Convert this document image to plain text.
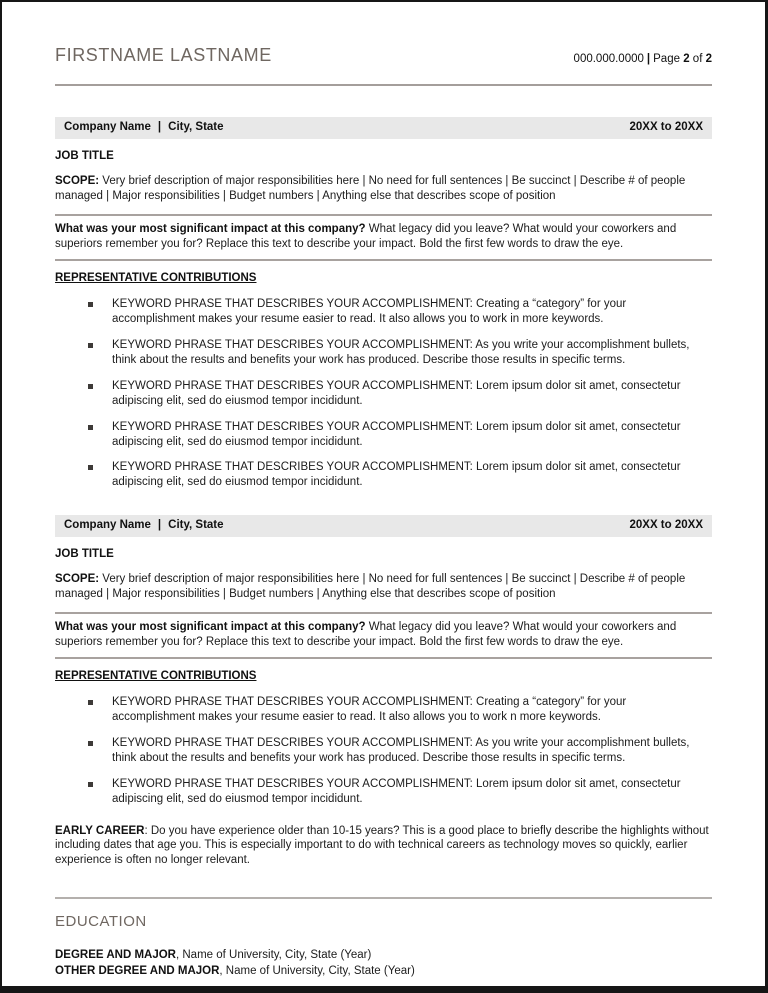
FIRSTNAME LASTNAME	000.000.0000 | Page 2 of 2
Company Name | City, State	20XX to 20XX
JOB TITLE

SCOPE: Very brief description of major responsibilities here | No need for full sentences | Be succinct | Describe # of people managed | Major responsibilities | Budget numbers | Anything else that describes scope of position

What was your most significant impact at this company? What legacy did you leave? What would your coworkers and superiors remember you for? Replace this text to describe your impact. Bold the first few words to draw the eye.

REPRESENTATIVE CONTRIBUTIONS
KEYWORD PHRASE THAT DESCRIBES YOUR ACCOMPLISHMENT: Creating a “category” for your accomplishment makes your resume easier to read. It also allows you to work in more keywords.
KEYWORD PHRASE THAT DESCRIBES YOUR ACCOMPLISHMENT: As you write your accomplishment bullets, think about the results and benefits your work has produced. Describe those results in specific terms.
KEYWORD PHRASE THAT DESCRIBES YOUR ACCOMPLISHMENT: Lorem ipsum dolor sit amet, consectetur adipiscing elit, sed do eiusmod tempor incididunt.
KEYWORD PHRASE THAT DESCRIBES YOUR ACCOMPLISHMENT: Lorem ipsum dolor sit amet, consectetur adipiscing elit, sed do eiusmod tempor incididunt.
KEYWORD PHRASE THAT DESCRIBES YOUR ACCOMPLISHMENT: Lorem ipsum dolor sit amet, consectetur adipiscing elit, sed do eiusmod tempor incididunt.
Company Name | City, State	20XX to 20XX
JOB TITLE

SCOPE: Very brief description of major responsibilities here | No need for full sentences | Be succinct | Describe # of people managed | Major responsibilities | Budget numbers | Anything else that describes scope of position

What was your most significant impact at this company? What legacy did you leave? What would your coworkers and superiors remember you for? Replace this text to describe your impact. Bold the first few words to draw the eye.

REPRESENTATIVE CONTRIBUTIONS
KEYWORD PHRASE THAT DESCRIBES YOUR ACCOMPLISHMENT: Creating a “category” for your accomplishment makes your resume easier to read. It also allows you to work n more keywords.
KEYWORD PHRASE THAT DESCRIBES YOUR ACCOMPLISHMENT: As you write your accomplishment bullets, think about the results and benefits your work has produced. Describe those results in specific terms.
KEYWORD PHRASE THAT DESCRIBES YOUR ACCOMPLISHMENT: Lorem ipsum dolor sit amet, consectetur adipiscing elit, sed do eiusmod tempor incididunt.

EARLY CAREER: Do you have experience older than 10-15 years? This is a good place to briefly describe the highlights without including dates that age you. This is especially important to do with technical careers as technology moves so quickly, earlier experience is often no longer relevant.

EDUCATION
DEGREE AND MAJOR, Name of University, City, State (Year)
OTHER DEGREE AND MAJOR, Name of University, City, State (Year)
